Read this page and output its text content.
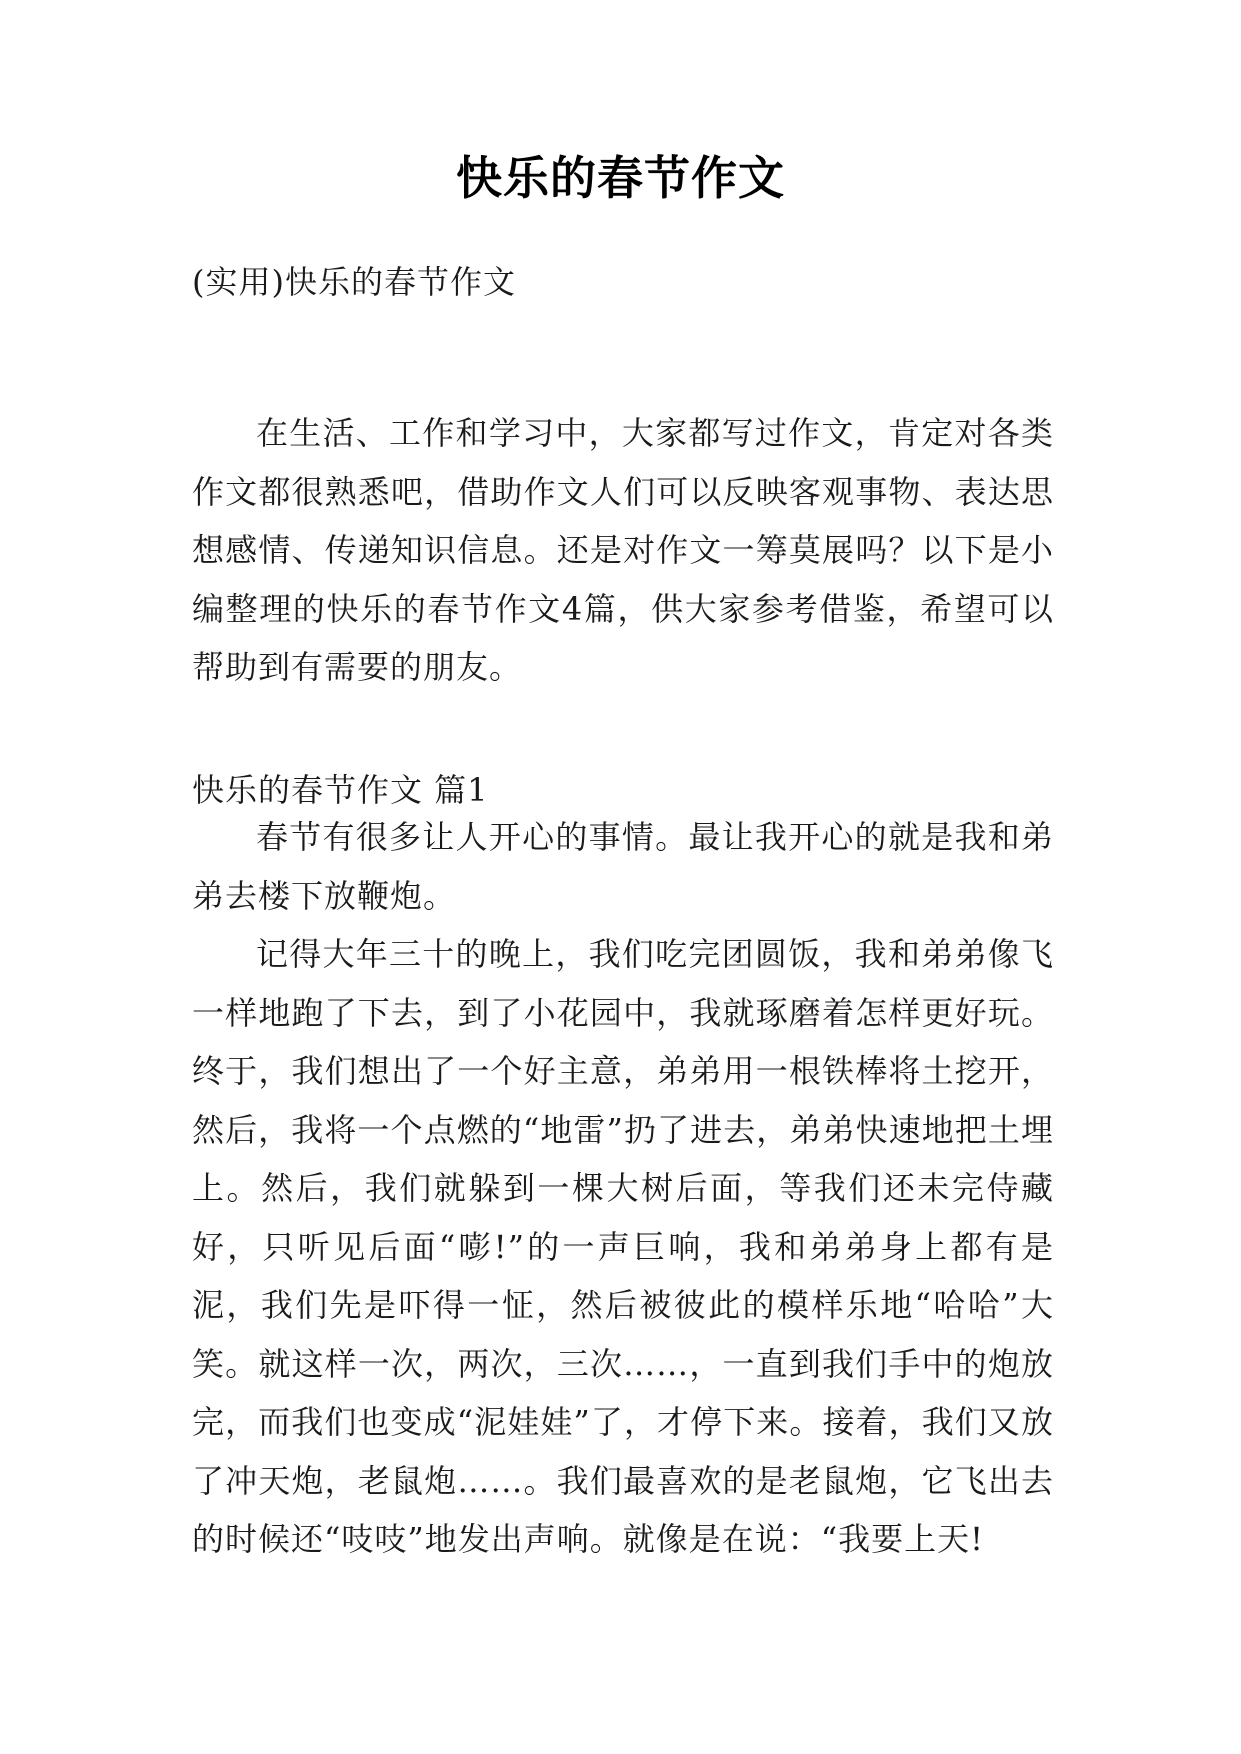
快乐的春节作文
(实用)快乐的春节作文
在生活、工作和学习中，大家都写过作文，肯定对各类作文都很熟悉吧，借助作文人们可以反映客观事物、表达思想感情、传递知识信息。还是对作文一筹莫展吗？以下是小编整理的快乐的春节作文4篇，供大家参考借鉴，希望可以帮助到有需要的朋友。
快乐的春节作文 篇1

春节有很多让人开心的事情。最让我开心的就是我和弟弟去楼下放鞭炮。

记得大年三十的晚上，我们吃完团圆饭，我和弟弟像飞一样地跑了下去，到了小花园中，我就琢磨着怎样更好玩。终于，我们想出了一个好主意，弟弟用一根铁棒将土挖开，然后，我将一个点燃的“地雷”扔了进去，弟弟快速地把土埋上。然后，我们就躲到一棵大树后面，等我们还未完侍藏好，只听见后面“嘭!”的一声巨响，我和弟弟身上都有是泥，我们先是吓得一怔，然后被彼此的模样乐地“哈哈”大笑。就这样一次，两次，三次……，一直到我们手中的炮放完，而我们也变成“泥娃娃”了，才停下来。接着，我们又放了冲天炮，老鼠炮……。我们最喜欢的是老鼠炮，它飞出去的时候还“吱吱”地发出声响。就像是在说：“我要上天!
